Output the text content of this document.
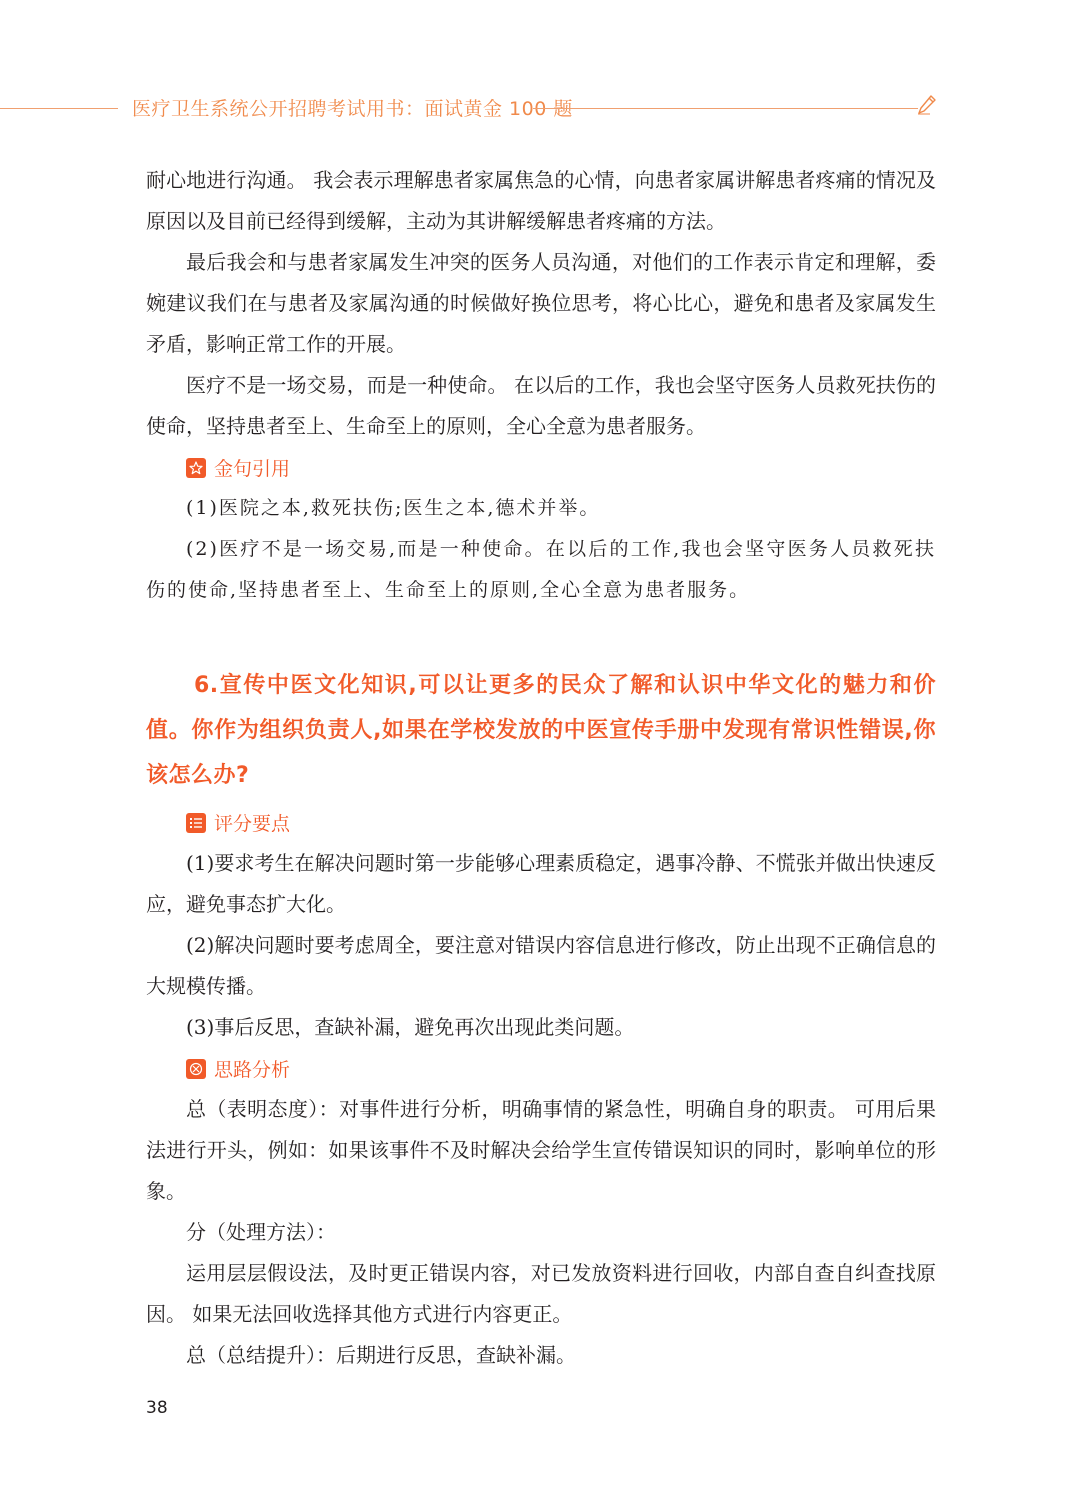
医疗卫生系统公开招聘考试用书：面试黄金 100 题

耐心地进行沟通。 我会表示理解患者家属焦急的心情，向患者家属讲解患者疼痛的情况及原因以及目前已经得到缓解，主动为其讲解缓解患者疼痛的方法。

最后我会和与患者家属发生冲突的医务人员沟通，对他们的工作表示肯定和理解，委婉建议我们在与患者及家属沟通的时候做好换位思考，将心比心，避免和患者及家属发生矛盾，影响正常工作的开展。

医疗不是一场交易，而是一种使命。 在以后的工作，我也会坚守医务人员救死扶伤的使命，坚持患者至上、生命至上的原则，全心全意为患者服务。

金句引用

(1)医院之本,救死扶伤;医生之本,德术并举。

(2)医疗不是一场交易,而是一种使命。在以后的工作,我也会坚守医务人员救死扶伤的使命,坚持患者至上、生命至上的原则,全心全意为患者服务。

6.宣传中医文化知识,可以让更多的民众了解和认识中华文化的魅力和价值。你作为组织负责人,如果在学校发放的中医宣传手册中发现有常识性错误,你该怎么办?

评分要点

(1)要求考生在解决问题时第一步能够心理素质稳定，遇事冷静、不慌张并做出快速反应，避免事态扩大化。

(2)解决问题时要考虑周全，要注意对错误内容信息进行修改，防止出现不正确信息的大规模传播。

(3)事后反思，查缺补漏，避免再次出现此类问题。

思路分析

总（表明态度）：对事件进行分析，明确事情的紧急性，明确自身的职责。 可用后果法进行开头，例如：如果该事件不及时解决会给学生宣传错误知识的同时，影响单位的形象。

分（处理方法）：

运用层层假设法，及时更正错误内容，对已发放资料进行回收，内部自查自纠查找原因。 如果无法回收选择其他方式进行内容更正。

总（总结提升）：后期进行反思，查缺补漏。

38
